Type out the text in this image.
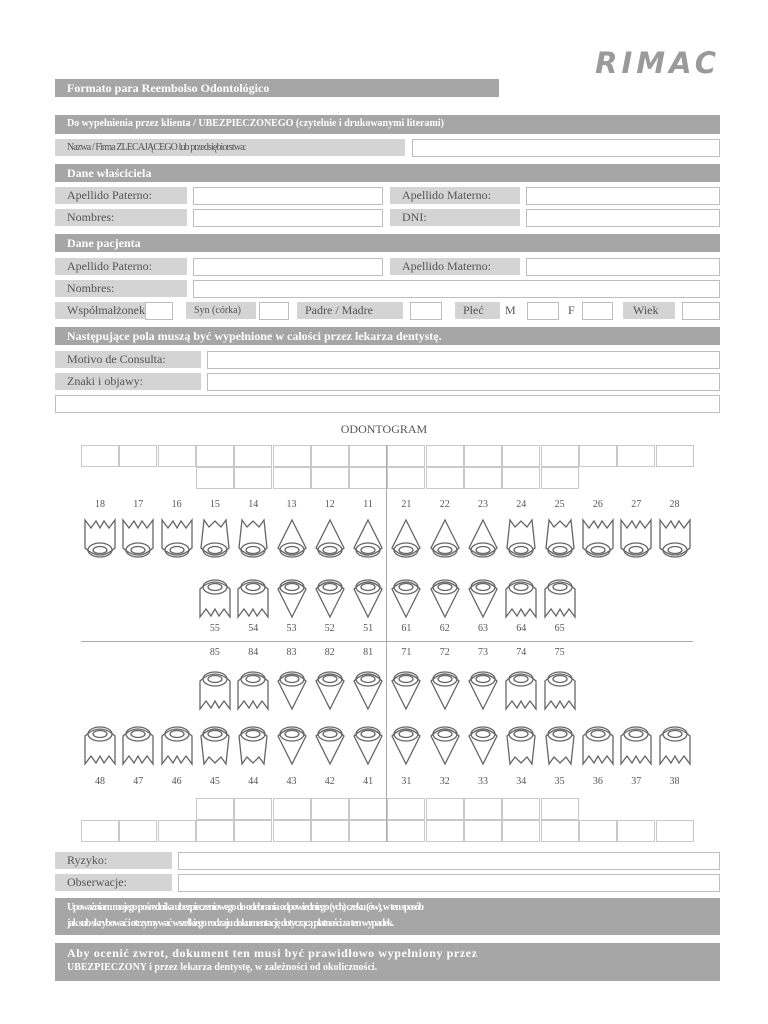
RIMAC
Formato para Reembolso Odontológico
Do wypełnienia przez klienta / UBEZPIECZONEGO (czytelnie i drukowanymi literami)
Nazwa / Firma ZLECAJĄCEGO lub przedsiębiorstwa:
Dane właściciela
Apellido Paterno:	Apellido Materno:
Nombres:	DNI:
Dane pacjenta
Apellido Paterno:	Apellido Materno:
Nombres:
Współmałżonek	Syn (córka)	Padre / Madre	Płeć	M	F	Wiek
Następujące pola muszą być wypełnione w całości przez lekarza dentystę.
Motivo de Consulta:
Znaki i objawy:
ODONTOGRAM
18	17	16	15	14	13	12	11	21	22	23	24	25	26	27	28
55	54	53	52	51	61	62	63	64	65
85	84	83	82	81	71	72	73	74	75
48	47	46	45	44	43	42	41	31	32	33	34	35	36	37	38
Ryzyko:
Obserwacje:
Upoważniam mojego pośrednika ubezpieczeniowego do odebrania odpowiedniego (ych) czeku (ów), w ten sposób
jak sub skrybować i otrzymywać wszelkiego rodzaju dokumentację dotyczącą płatności za ten wypadek.
Aby ocenić zwrot, dokument ten musi być prawidłowo wypełniony przez
UBEZPIECZONY i przez lekarza dentystę, w zależności od okoliczności.
